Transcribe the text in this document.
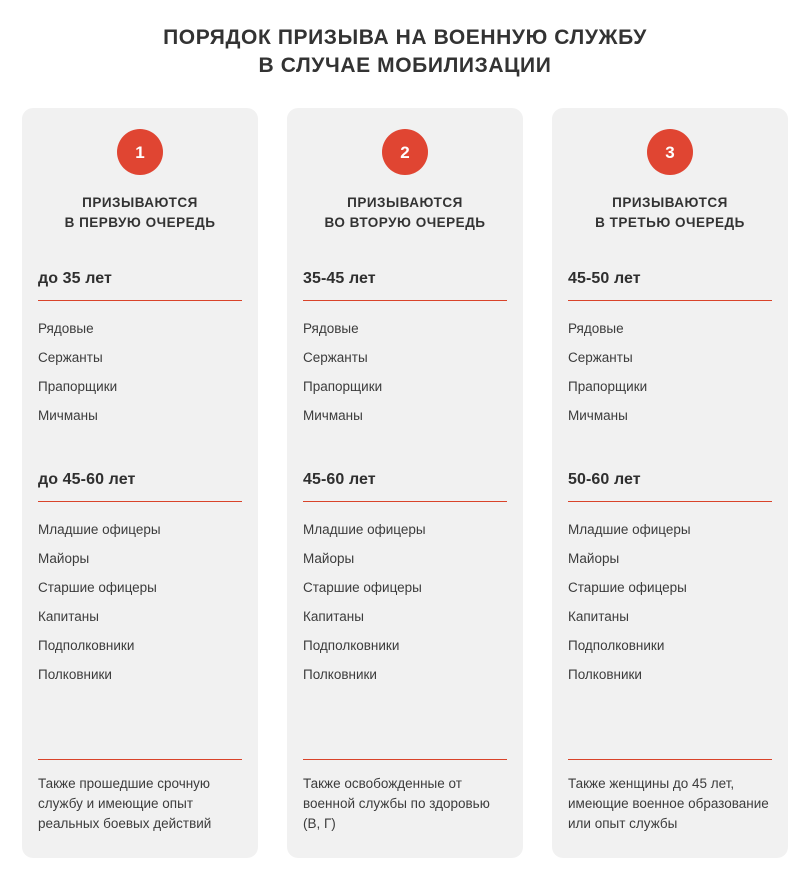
ПОРЯДОК ПРИЗЫВА НА ВОЕННУЮ СЛУЖБУ
В СЛУЧАЕ МОБИЛИЗАЦИИ
1
ПРИЗЫВАЮТСЯ
В ПЕРВУЮ ОЧЕРЕДЬ
до 35 лет
Рядовые
Сержанты
Прапорщики
Мичманы
до 45-60 лет
Младшие офицеры
Майоры
Старшие офицеры
Капитаны
Подполковники
Полковники
Также прошедшие срочную службу и имеющие опыт реальных боевых действий
2
ПРИЗЫВАЮТСЯ
ВО ВТОРУЮ ОЧЕРЕДЬ
35-45 лет
Рядовые
Сержанты
Прапорщики
Мичманы
45-60 лет
Младшие офицеры
Майоры
Старшие офицеры
Капитаны
Подполковники
Полковники
Также освобожденные от военной службы по здоровью (В, Г)
3
ПРИЗЫВАЮТСЯ
В ТРЕТЬЮ ОЧЕРЕДЬ
45-50 лет
Рядовые
Сержанты
Прапорщики
Мичманы
50-60 лет
Младшие офицеры
Майоры
Старшие офицеры
Капитаны
Подполковники
Полковники
Также женщины до 45 лет, имеющие военное образование или опыт службы
